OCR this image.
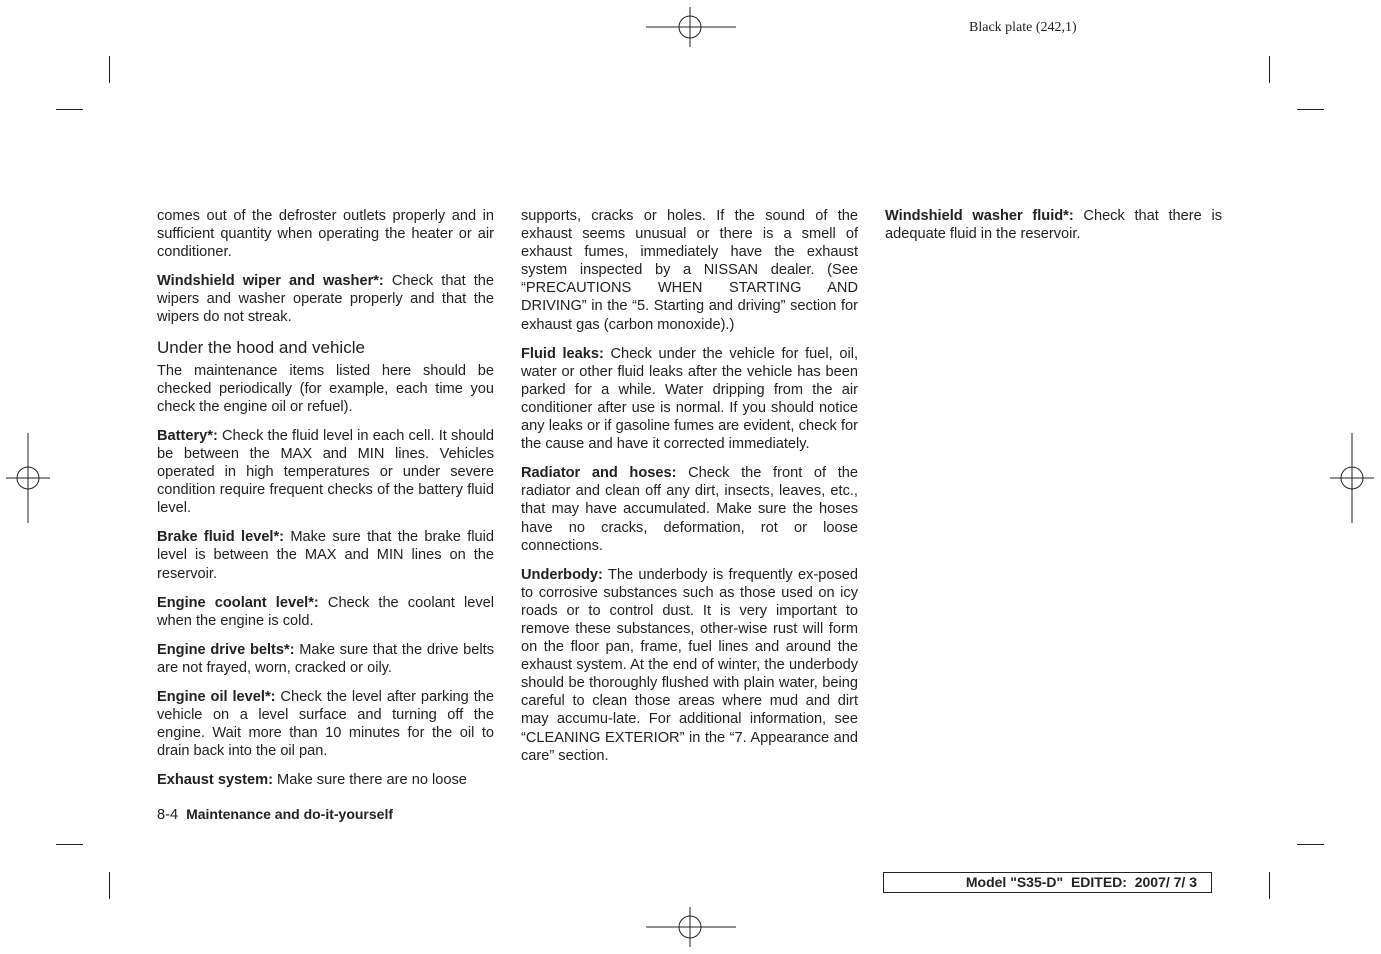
Black plate (242,1)

comes out of the defroster outlets properly and in sufficient quantity when operating the heater or air conditioner.

Windshield wiper and washer*: Check that the wipers and washer operate properly and that the wipers do not streak.

Under the hood and vehicle

The maintenance items listed here should be checked periodically (for example, each time you check the engine oil or refuel).

Battery*: Check the fluid level in each cell. It should be between the MAX and MIN lines. Vehicles operated in high temperatures or under severe condition require frequent checks of the battery fluid level.

Brake fluid level*: Make sure that the brake fluid level is between the MAX and MIN lines on the reservoir.

Engine coolant level*: Check the coolant level when the engine is cold.

Engine drive belts*: Make sure that the drive belts are not frayed, worn, cracked or oily.

Engine oil level*: Check the level after parking the vehicle on a level surface and turning off the engine. Wait more than 10 minutes for the oil to drain back into the oil pan.

Exhaust system: Make sure there are no loose

supports, cracks or holes. If the sound of the exhaust seems unusual or there is a smell of exhaust fumes, immediately have the exhaust system inspected by a NISSAN dealer. (See “PRECAUTIONS WHEN STARTING AND DRIVING” in the “5. Starting and driving” section for exhaust gas (carbon monoxide).)

Fluid leaks: Check under the vehicle for fuel, oil, water or other fluid leaks after the vehicle has been parked for a while. Water dripping from the air conditioner after use is normal. If you should notice any leaks or if gasoline fumes are evident, check for the cause and have it corrected immediately.

Radiator and hoses: Check the front of the radiator and clean off any dirt, insects, leaves, etc., that may have accumulated. Make sure the hoses have no cracks, deformation, rot or loose connections.

Underbody: The underbody is frequently ex-posed to corrosive substances such as those used on icy roads or to control dust. It is very important to remove these substances, other-wise rust will form on the floor pan, frame, fuel lines and around the exhaust system. At the end of winter, the underbody should be thoroughly flushed with plain water, being careful to clean those areas where mud and dirt may accumu-late. For additional information, see “CLEANING EXTERIOR” in the “7. Appearance and care” section.

Windshield washer fluid*: Check that there is adequate fluid in the reservoir.

8-4 Maintenance and do-it-yourself
Model "S35-D"  EDITED:  2007/ 7/ 3
